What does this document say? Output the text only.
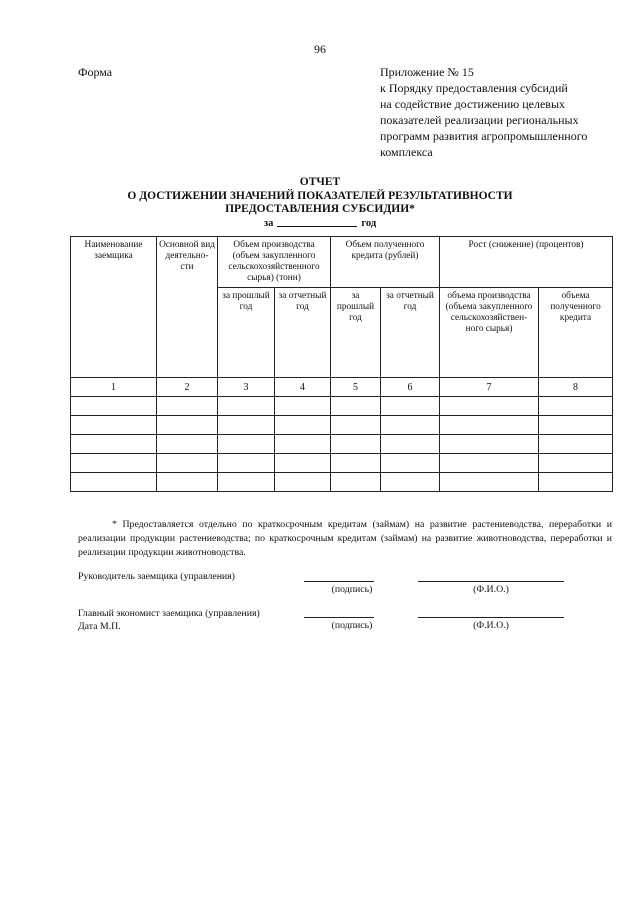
96
Форма	Приложение № 15
к Порядку предоставления субсидий
на содействие достижению целевых
показателей реализации региональных
программ развития агропромышленного
комплекса
ОТЧЕТ
О ДОСТИЖЕНИИ ЗНАЧЕНИЙ ПОКАЗАТЕЛЕЙ РЕЗУЛЬТАТИВНОСТИ
ПРЕДОСТАВЛЕНИЯ СУБСИДИИ*
за	год
Наименование заемщика	Основной вид деятельно- сти	Объем производства (объем закупленного сельскохозяйственного сырья) (тонн)		Объем полученного кредита (рублей)		Рост (снижение) (процентов)	
		за прошлый год	за отчетный год	за прошлый год	за отчетный год	объема производства (объема закупленного сельскохозяйствен- ного сырья)	объема полученного кредита
1	2	3	4	5	6	7	8

* Предоставляется отдельно по краткосрочным кредитам (займам) на развитие растениеводства, переработки и реализации продукции растениеводства; по краткосрочным кредитам (займам) на развитие животноводства, переработки и реализации продукции животноводства.

Руководитель заемщика (управления)
(подпись)	(Ф.И.О.)
Главный экономист заемщика (управления)
Дата М.П.	(подпись)	(Ф.И.О.)
